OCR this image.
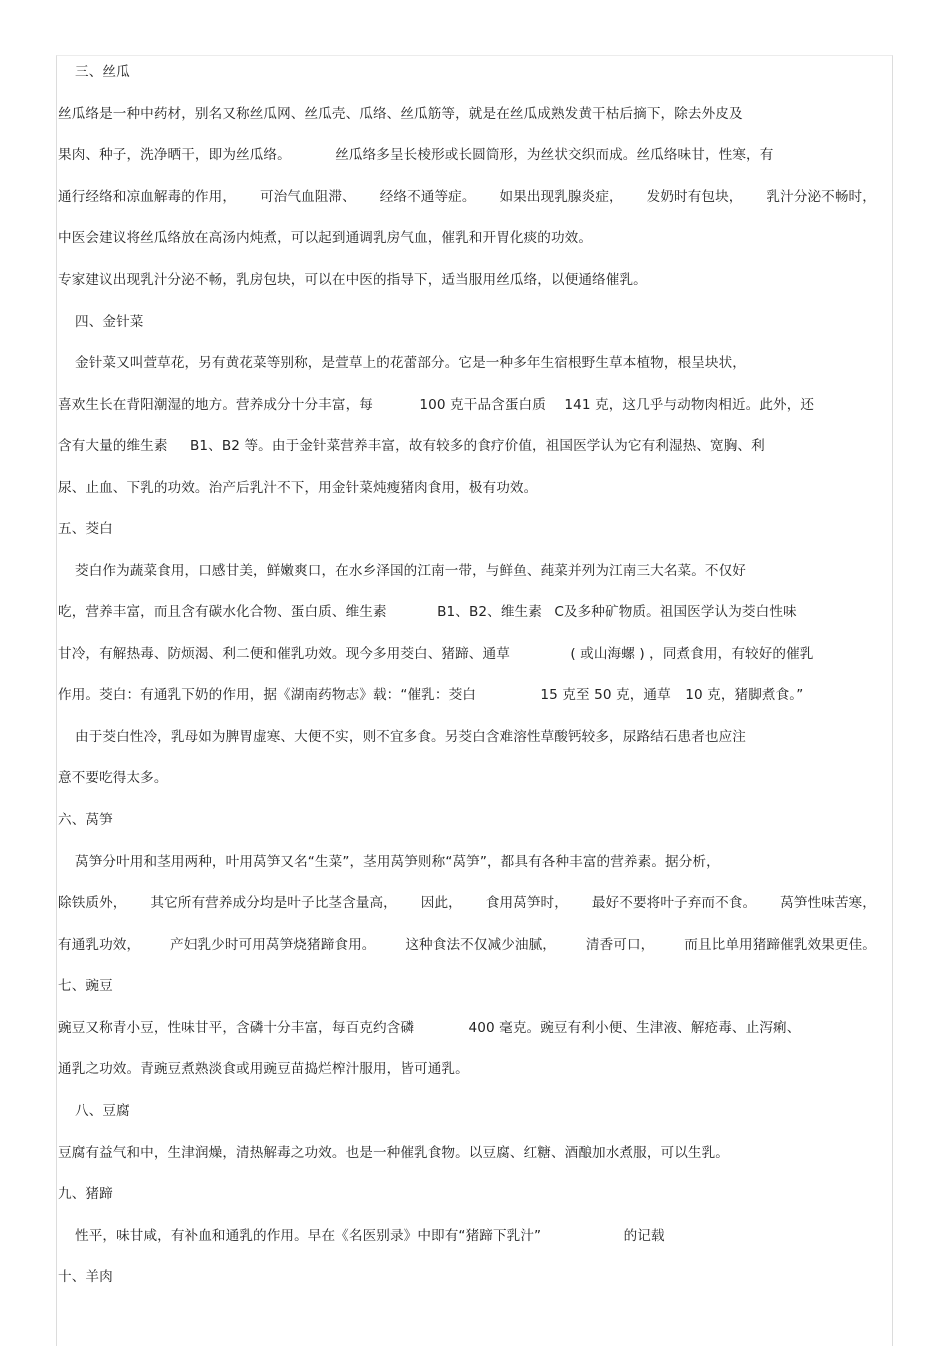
三、丝瓜
丝瓜络是一种中药材，别名又称丝瓜网、丝瓜壳、瓜络、丝瓜筋等，就是在丝瓜成熟发黄干枯后摘下，除去外皮及
果肉、种子，洗净晒干，即为丝瓜络。	丝瓜络多呈长棱形或长圆筒形，为丝状交织而成。丝瓜络味甘，性寒，有
通行经络和凉血解毒的作用， 可治气血阻滞、 经络不通等症。 如果出现乳腺炎症， 发奶时有包块， 乳汁分泌不畅时，
中医会建议将丝瓜络放在高汤内炖煮，可以起到通调乳房气血，催乳和开胃化痰的功效。
专家建议出现乳汁分泌不畅，乳房包块，可以在中医的指导下，适当服用丝瓜络，以便通络催乳。
四、金针菜
金针菜又叫萱草花，另有黄花菜等别称，是萱草上的花蕾部分。它是一种多年生宿根野生草本植物，根呈块状，
喜欢生长在背阳潮湿的地方。营养成分十分丰富，每	100 克干品含蛋白质 141 克，这几乎与动物肉相近。此外，还
含有大量的维生素 B1、B2 等。由于金针菜营养丰富，故有较多的食疗价值，祖国医学认为它有利湿热、宽胸、利
尿、止血、下乳的功效。治产后乳汁不下，用金针菜炖瘦猪肉食用，极有功效。
五、茭白
茭白作为蔬菜食用，口感甘美，鲜嫩爽口，在水乡泽国的江南一带，与鲜鱼、莼菜并列为江南三大名菜。不仅好
吃，营养丰富，而且含有碳水化合物、蛋白质、维生素	B1、B2、维生素 C及多种矿物质。祖国医学认为茭白性味
甘冷，有解热毒、防烦渴、利二便和催乳功效。现今多用茭白、猪蹄、通草	( 或山海螺 ) ，同煮食用，有较好的催乳
作用。茭白：有通乳下奶的作用，据《湖南药物志》载：“催乳：茭白	15 克至 50 克，通草 10 克，猪脚煮食。”
由于茭白性冷，乳母如为脾胃虚寒、大便不实，则不宜多食。另茭白含难溶性草酸钙较多，尿路结石患者也应注
意不要吃得太多。
六、莴笋
莴笋分叶用和茎用两种，叶用莴笋又名“生菜”，茎用莴笋则称“莴笋”，都具有各种丰富的营养素。据分析，
除铁质外， 其它所有营养成分均是叶子比茎含量高， 因此， 食用莴笋时， 最好不要将叶子弃而不食。 莴笋性味苦寒，
有通乳功效， 产妇乳少时可用莴笋烧猪蹄食用。 这种食法不仅减少油腻， 清香可口， 而且比单用猪蹄催乳效果更佳。
七、豌豆
豌豆又称青小豆，性味甘平，含磷十分丰富，每百克约含磷	400 毫克。豌豆有利小便、生津液、解疮毒、止泻痢、
通乳之功效。青豌豆煮熟淡食或用豌豆苗捣烂榨汁服用，皆可通乳。
八、豆腐
豆腐有益气和中，生津润燥，清热解毒之功效。也是一种催乳食物。以豆腐、红糖、酒酿加水煮服，可以生乳。
九、猪蹄
性平，味甘咸，有补血和通乳的作用。早在《名医别录》中即有“猪蹄下乳汁”	的记载
十、羊肉
